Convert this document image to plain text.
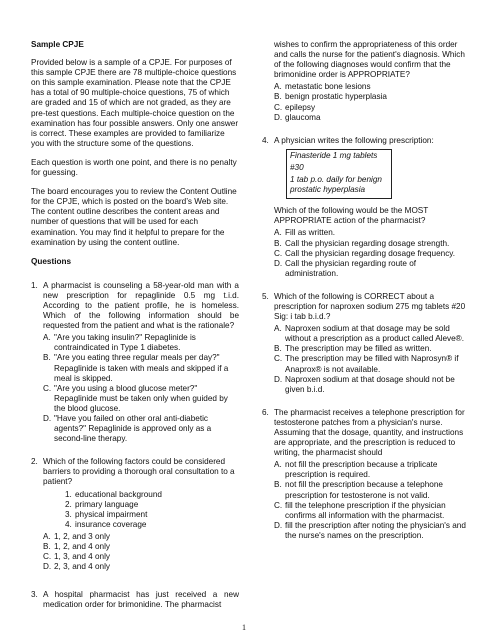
Sample CPJE

Provided below is a sample of a CPJE. For purposes of this sample CPJE there are 78 multiple-choice questions on this sample examination. Please note that the CPJE has a total of 90 multiple-choice questions, 75 of which are graded and 15 of which are not graded, as they are pre-test questions. Each multiple-choice question on the examination has four possible answers. Only one answer is correct. These examples are provided to familiarize you with the structure some of the questions.

Each question is worth one point, and there is no penalty for guessing.

The board encourages you to review the Content Outline for the CPJE, which is posted on the board’s Web site. The content outline describes the content areas and number of questions that will be used for each examination. You may find it helpful to prepare for the examination by using the content outline.

Questions

1. A pharmacist is counseling a 58-year-old man with a new prescription for repaglinide 0.5 mg t.i.d. According to the patient profile, he is homeless. Which of the following information should be requested from the patient and what is the rationale?

A. "Are you taking insulin?" Repaglinide is contraindicated in Type 1 diabetes.
B. "Are you eating three regular meals per day?" Repaglinide is taken with meals and skipped if a meal is skipped.
C. "Are you using a blood glucose meter?" Repaglinide must be taken only when guided by the blood glucose.
D. "Have you failed on other oral anti-diabetic agents?" Repaglinide is approved only as a second-line therapy.
2. Which of the following factors could be considered barriers to providing a thorough oral consultation to a patient?

1. educational background
2. primary language
3. physical impairment
4. insurance coverage
A. 1, 2, and 3 only
B. 1, 2, and 4 only
C. 1, 3, and 4 only
D. 2, 3, and 4 only
3. A hospital pharmacist has just received a new medication order for brimonidine. The pharmacist

wishes to confirm the appropriateness of this order and calls the nurse for the patient's diagnosis. Which of the following diagnoses would confirm that the brimonidine order is APPROPRIATE?

A. metastatic bone lesions
B. benign prostatic hyperplasia
C. epilepsy
D. glaucoma
4. A physician writes the following prescription:

Finasteride 1 mg tablets
#30
1 tab p.o. daily for benign prostatic hyperplasia

Which of the following would be the MOST APPROPRIATE action of the pharmacist?

A. Fill as written.
B. Call the physician regarding dosage strength.
C. Call the physician regarding dosage frequency.
D. Call the physician regarding route of administration.
5. Which of the following is CORRECT about a prescription for naproxen sodium 275 mg tablets #20 Sig: i tab b.i.d.?

A. Naproxen sodium at that dosage may be sold without a prescription as a product called Aleve®.
B. The prescription may be filled as written.
C. The prescription may be filled with Naprosyn® if Anaprox® is not available.
D. Naproxen sodium at that dosage should not be given b.i.d.
6. The pharmacist receives a telephone prescription for testosterone patches from a physician's nurse. Assuming that the dosage, quantity, and instructions are appropriate, and the prescription is reduced to writing, the pharmacist should

A. not fill the prescription because a triplicate prescription is required.
B. not fill the prescription because a telephone prescription for testosterone is not valid.
C. fill the telephone prescription if the physician confirms all information with the pharmacist.
D. fill the prescription after noting the physician's and the nurse's names on the prescription.
1
